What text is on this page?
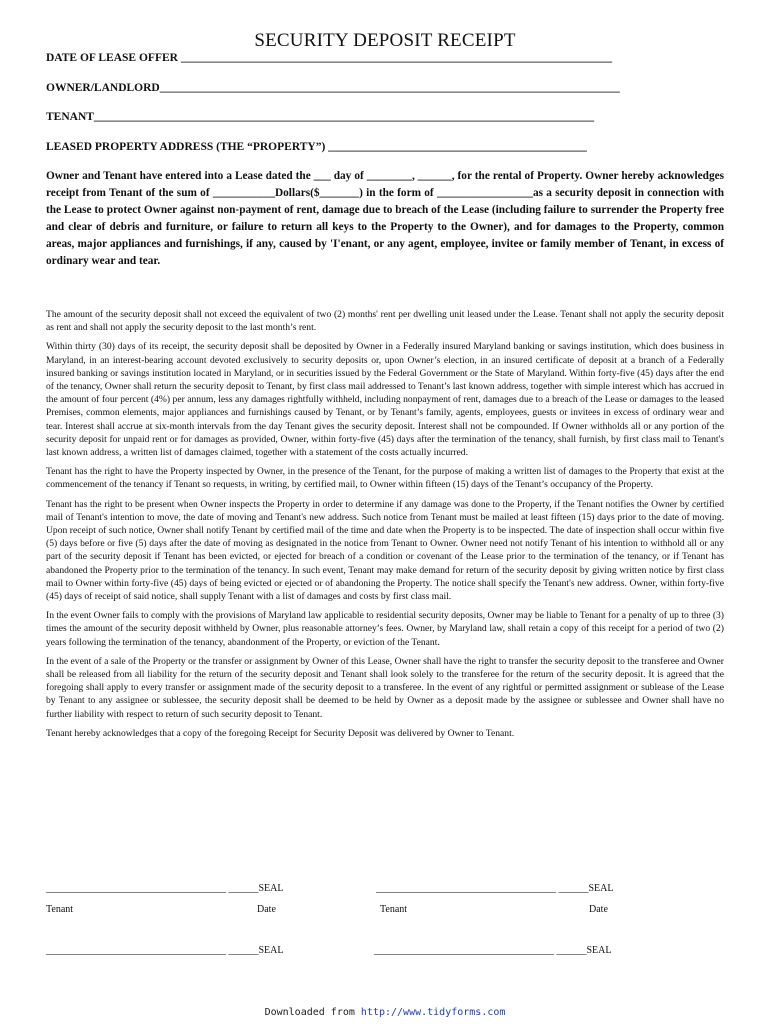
SECURITY DEPOSIT RECEIPT
DATE OF LEASE OFFER ___________________________________________________________________________
OWNER/LANDLORD________________________________________________________________________________
TENANT_______________________________________________________________________________________
LEASED PROPERTY ADDRESS (THE “PROPERTY”) _____________________________________________
Owner and Tenant have entered into a Lease dated the ___ day of ________, ______, for the rental of Property. Owner hereby acknowledges receipt from Tenant of the sum of ___________Dollars($_______) in the form of _________________as a security deposit in connection with the Lease to protect Owner against non-payment of rent, damage due to breach of the Lease (including failure to surrender the Property free and clear of debris and furniture, or failure to return all keys to the Property to the Owner), and for damages to the Property, common areas, major appliances and furnishings, if any, caused by 'I'enant, or any agent, employee, invitee or family member of Tenant, in excess of ordinary wear and tear.

The amount of the security deposit shall not exceed the equivalent of two (2) months' rent per dwelling unit leased under the Lease. Tenant shall not apply the security deposit as rent and shall not apply the security deposit to the last month’s rent.

Within thirty (30) days of its receipt, the security deposit shall be deposited by Owner in a Federally insured Maryland banking or savings institution, which does business in Maryland, in an interest-bearing account devoted exclusively to security deposits or, upon Owner’s election, in an insured certificate of deposit at a branch of a Federally insured banking or savings institution located in Maryland, or in securities issued by the Federal Government or the State of Maryland. Within forty-five (45) days after the end of the tenancy, Owner shall return the security deposit to Tenant, by first class mail addressed to Tenant’s last known address, together with simple interest which has accrued in the amount of four percent (4%) per annum, less any damages rightfully withheld, including nonpayment of rent, damages due to a breach of the Lease or damages to the leased Premises, common elements, major appliances and furnishings caused by Tenant, or by Tenant’s family, agents, employees, guests or invitees in excess of ordinary wear and tear. Interest shall accrue at six-month intervals from the day Tenant gives the security deposit. Interest shall not be compounded. If Owner withholds all or any portion of the security deposit for unpaid rent or for damages as provided, Owner, within forty-five (45) days after the termination of the tenancy, shall furnish, by first class mail to Tenant's last known address, a written list of damages claimed, together with a statement of the costs actually incurred.

Tenant has the right to have the Property inspected by Owner, in the presence of the Tenant, for the purpose of making a written list of damages to the Property that exist at the commencement of the tenancy if Tenant so requests, in writing, by certified mail, to Owner within fifteen (15) days of the Tenant’s occupancy of the Property.

Tenant has the right to be present when Owner inspects the Property in order to determine if any damage was done to the Property, if the Tenant notifies the Owner by certified mail of Tenant's intention to move, the date of moving and Tenant's new address. Such notice from Tenant must be mailed at least fifteen (15) days prior to the date of moving. Upon receipt of such notice, Owner shall notify Tenant by certified mail of the time and date when the Property is to be inspected. The date of inspection shall occur within five (5) days before or five (5) days after the date of moving as designated in the notice from Tenant to Owner. Owner need not notify Tenant of his intention to withhold all or any part of the security deposit if Tenant has been evicted, or ejected for breach of a condition or covenant of the Lease prior to the termination of the tenancy, or if Tenant has abandoned the Property prior to the termination of the tenancy. In such event, Tenant may make demand for return of the security deposit by giving written notice by first class mail to Owner within forty-five (45) days of being evicted or ejected or of abandoning the Property. The notice shall specify the Tenant's new address. Owner, within forty-five (45) days of receipt of said notice, shall supply Tenant with a list of damages and costs by first class mail.

In the event Owner fails to comply with the provisions of Maryland law applicable to residential security deposits, Owner may be liable to Tenant for a penalty of up to three (3) times the amount of the security deposit withheld by Owner, plus reasonable attorney’s fees. Owner, by Maryland law, shall retain a copy of this receipt for a period of two (2) years following the termination of the tenancy, abandonment of the Property, or eviction of the Tenant.

In the event of a sale of the Property or the transfer or assignment by Owner of this Lease, Owner shall have the right to transfer the security deposit to the transferee and Owner shall be released from all liability for the return of the security deposit and Tenant shall look solely to the transferee for the return of the security deposit. It is agreed that the foregoing shall apply to every transfer or assignment made of the security deposit to a transferee. In the event of any rightful or permitted assignment or sublease of the Lease by Tenant to any assignee or sublessee, the security deposit shall be deemed to be held by Owner as a deposit made by the assignee or sublessee and Owner shall have no further liability with respect to return of such security deposit to Tenant.

Tenant hereby acknowledges that a copy of the foregoing Receipt for Security Deposit was delivered by Owner to Tenant.

____________________________________ ______SEAL	____________________________________ ______SEAL
Tenant	Date	Tenant	Date
____________________________________ ______SEAL	____________________________________ ______SEAL
Downloaded from http://www.tidyforms.com
